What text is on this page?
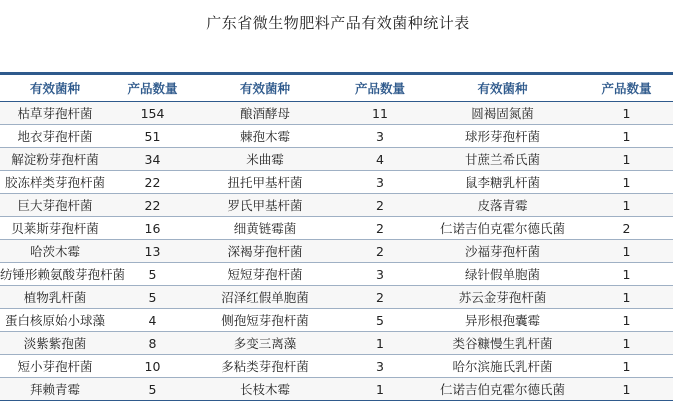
广东省微生物肥料产品有效菌种统计表
有效菌种	产品数量	有效菌种	产品数量	有效菌种	产品数量
枯草芽孢杆菌	154	酿酒酵母	11	圆褐固氮菌	1
地衣芽孢杆菌	51	棘孢木霉	3	球形芽孢杆菌	1
解淀粉芽孢杆菌	34	米曲霉	4	甘蔗兰希氏菌	1
胶冻样类芽孢杆菌	22	扭托甲基杆菌	3	鼠李糖乳杆菌	1
巨大芽孢杆菌	22	罗氏甲基杆菌	2	皮落青霉	1
贝莱斯芽孢杆菌	16	细黄链霉菌	2	仁诺吉伯克霍尔德氏菌	2
哈茨木霉	13	深褐芽孢杆菌	2	沙福芽孢杆菌	1
纺锤形赖氨酸芽孢杆菌	5	短短芽孢杆菌	3	绿针假单胞菌	1
植物乳杆菌	5	沼泽红假单胞菌	2	苏云金芽孢杆菌	1
蛋白核原始小球藻	4	侧孢短芽孢杆菌	5	异形根孢囊霉	1
淡紫紫孢菌	8	多变三离藻	1	类谷糠慢生乳杆菌	1
短小芽孢杆菌	10	多粘类芽孢杆菌	3	哈尔滨施氏乳杆菌	1
拜赖青霉	5	长枝木霉	1	仁诺吉伯克霍尔德氏菌	1
